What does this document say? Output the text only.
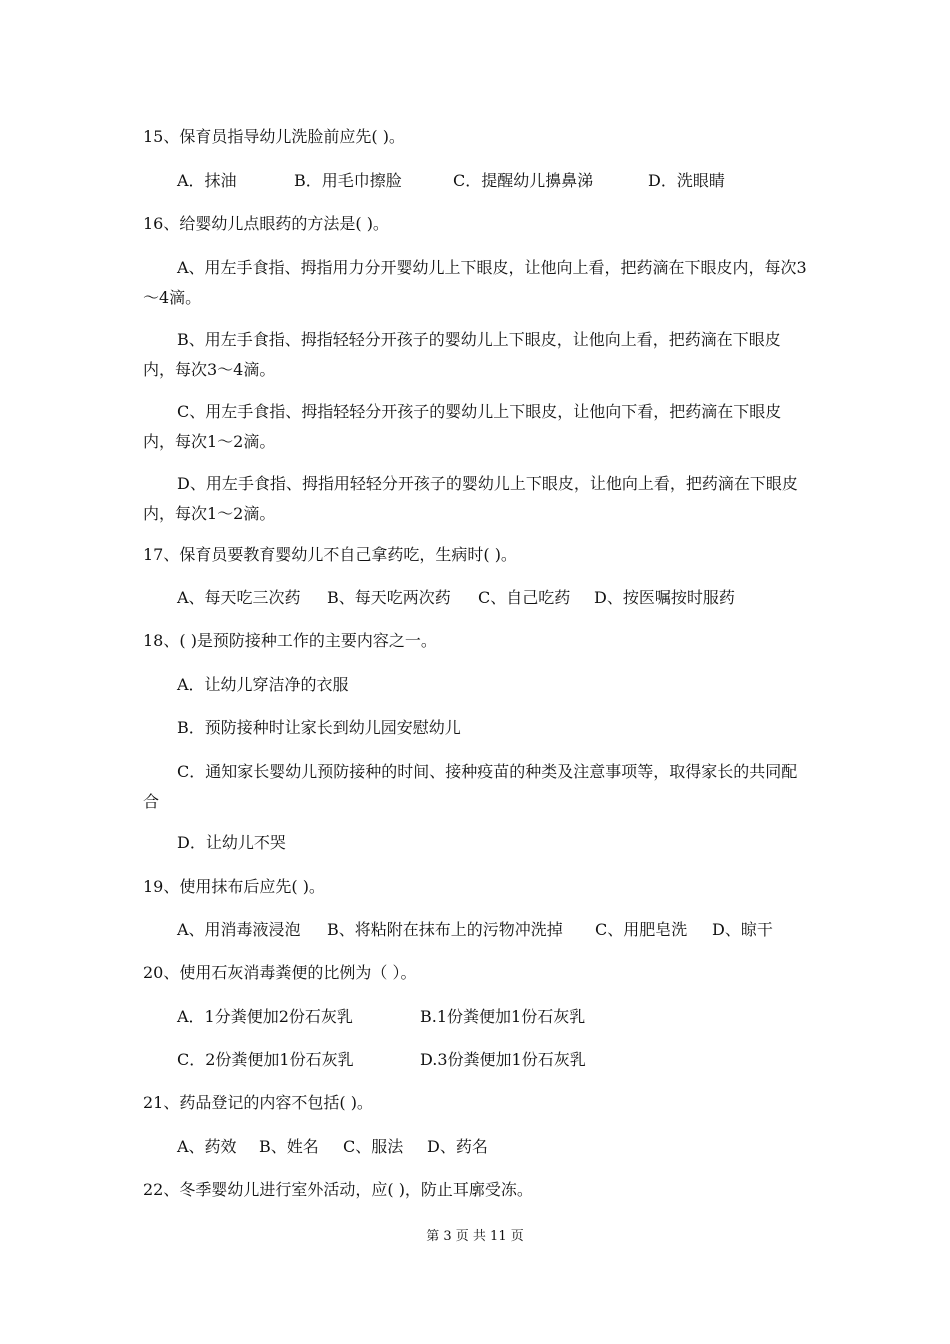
15、保育员指导幼儿洗脸前应先( )。
A．抹油	B．用毛巾擦脸	C．提醒幼儿擤鼻涕	D．洗眼睛
16、给婴幼儿点眼药的方法是( )。
A、用左手食指、拇指用力分开婴幼儿上下眼皮，让他向上看，把药滴在下眼皮内，每次3～4滴。
B、用左手食指、拇指轻轻分开孩子的婴幼儿上下眼皮，让他向上看，把药滴在下眼皮内，每次3～4滴。
C、用左手食指、拇指轻轻分开孩子的婴幼儿上下眼皮，让他向下看，把药滴在下眼皮内，每次1～2滴。
D、用左手食指、拇指用轻轻分开孩子的婴幼儿上下眼皮，让他向上看，把药滴在下眼皮内，每次1～2滴。
17、保育员要教育婴幼儿不自己拿药吃，生病时( )。
A、每天吃三次药 B、每天吃两次药 C、自己吃药 D、按医嘱按时服药
18、( )是预防接种工作的主要内容之一。
A．让幼儿穿洁净的衣服
B．预防接种时让家长到幼儿园安慰幼儿
C．通知家长婴幼儿预防接种的时间、接种疫苗的种类及注意事项等，取得家长的共同配合
D．让幼儿不哭
19、使用抹布后应先( )。
A、用消毒液浸泡 B、将粘附在抹布上的污物冲洗掉 C、用肥皂洗 D、晾干
20、使用石灰消毒粪便的比例为（ ）。
A．1分粪便加2份石灰乳	B.1份粪便加1份石灰乳
C．2份粪便加1份石灰乳	D.3份粪便加1份石灰乳
21、药品登记的内容不包括( )。
A、药效 B、姓名 C、服法 D、药名
22、冬季婴幼儿进行室外活动，应( )，防止耳廓受冻。
第 3 页 共 11 页
